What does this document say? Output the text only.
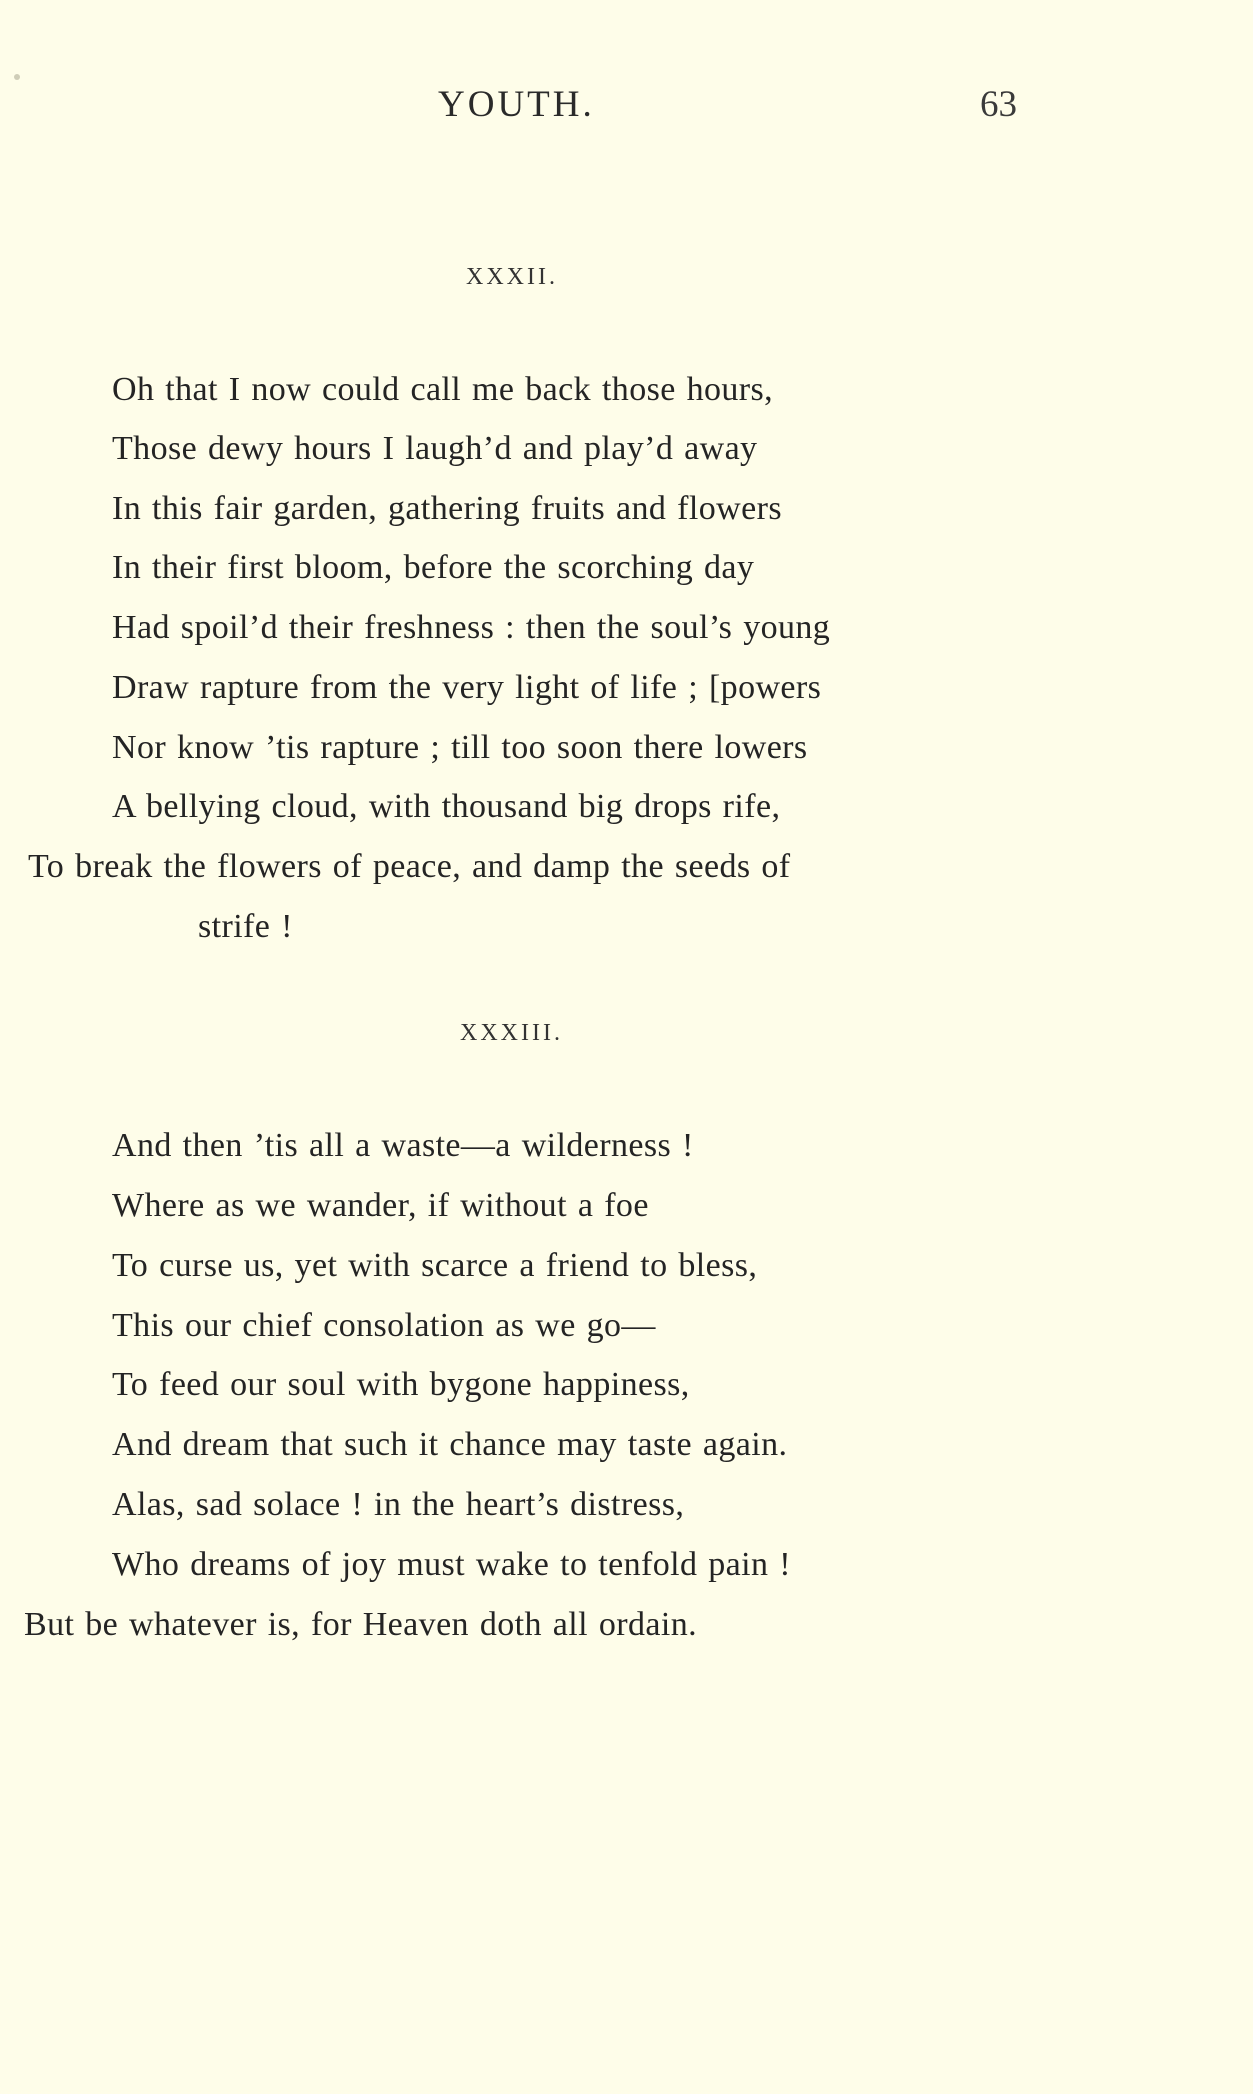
YOUTH.	63
XXXII.
Oh that I now could call me back those hours,
Those dewy hours I laugh’d and play’d away
In this fair garden, gathering fruits and flowers
In their first bloom, before the scorching day
Had spoil’d their freshness : then the soul’s young
Draw rapture from the very light of life ; [powers
Nor know ’tis rapture ; till too soon there lowers
A bellying cloud, with thousand big drops rife,
To break the flowers of peace, and damp the seeds of
strife !
XXXIII.
And then ’tis all a waste—a wilderness !
Where as we wander, if without a foe
To curse us, yet with scarce a friend to bless,
This our chief consolation as we go—
To feed our soul with bygone happiness,
And dream that such it chance may taste again.
Alas, sad solace ! in the heart’s distress,
Who dreams of joy must wake to tenfold pain !
But be whatever is, for Heaven doth all ordain.
